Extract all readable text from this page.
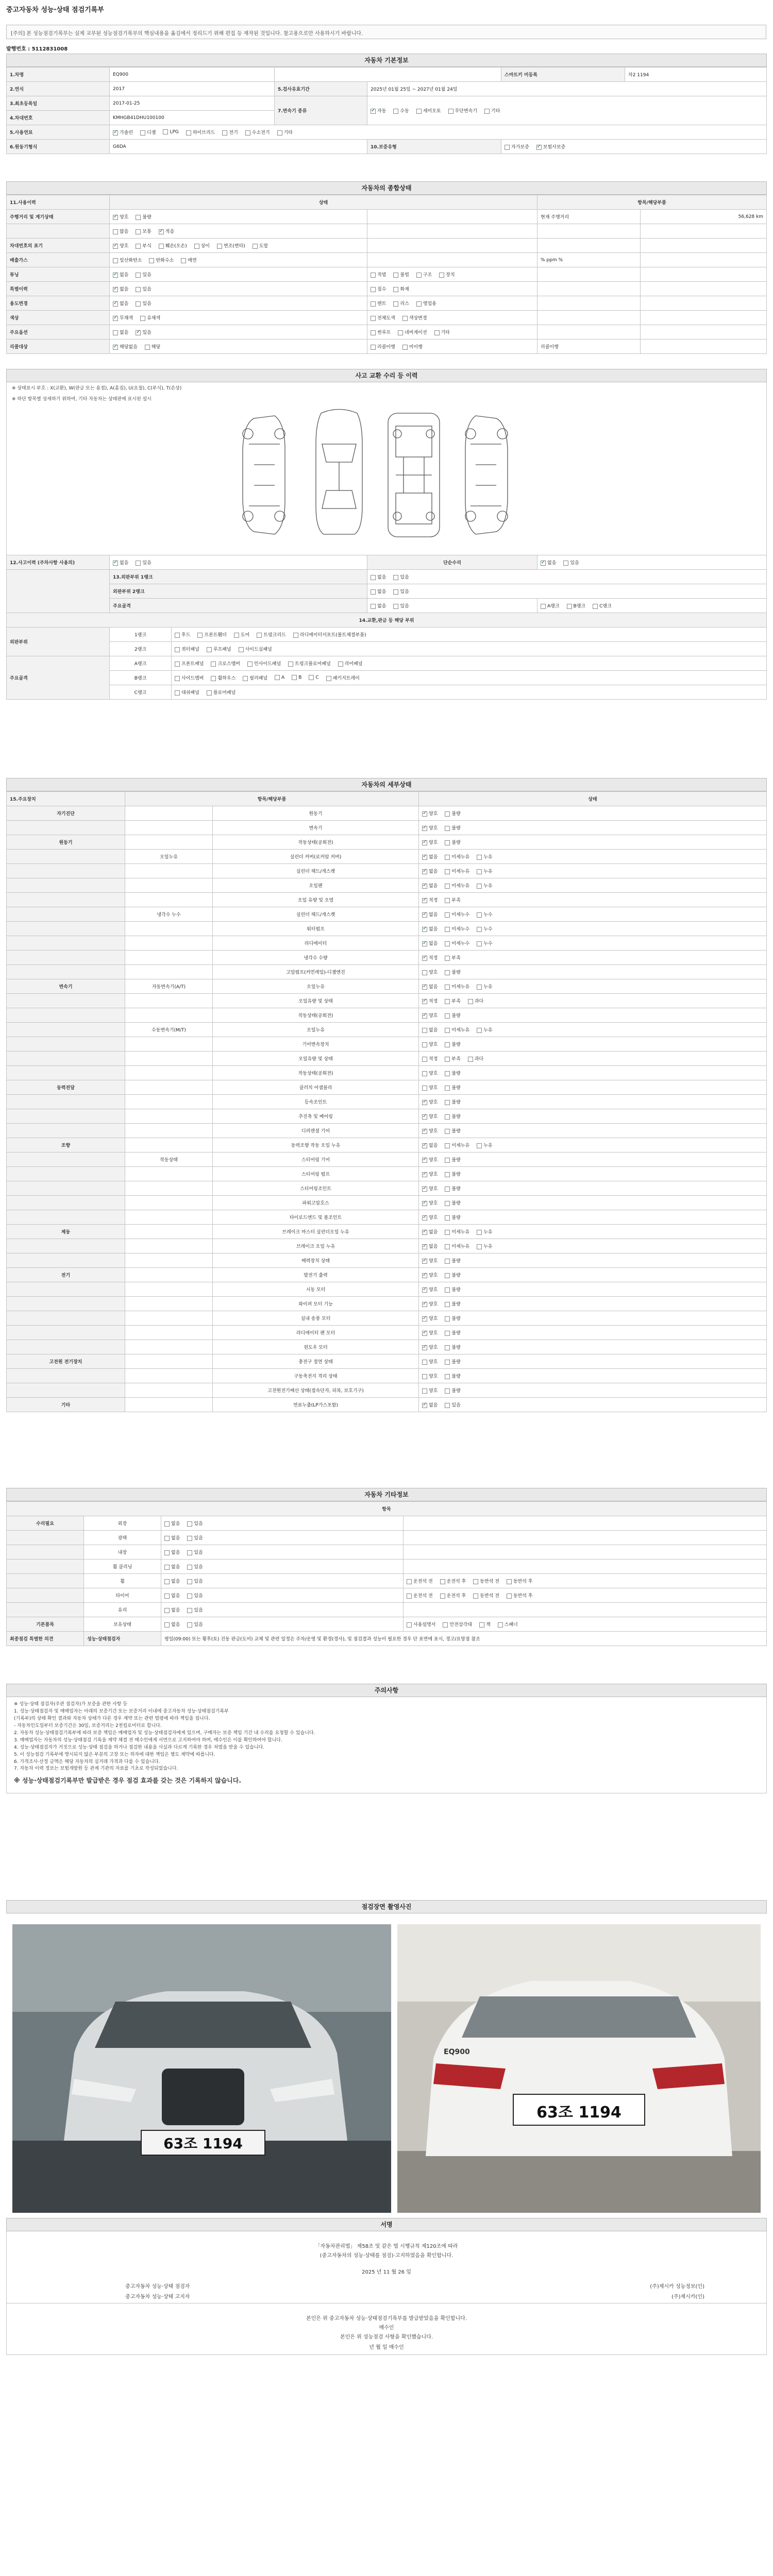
중고자동차 성능·상태 점검기록부
[주의] 본 성능점검기록부는 실제 교부된 성능점검기록부의 핵심내용을 옮김에서 정리드기 위해 편집 등 재작된 것입니다. 참고용으로만 사용하시기 바랍니다.
발행번호 : 5112831008
자동차 기본정보
1.차명	EQ900			스마트키 미등록	차2 1194
2.연식	2017	5.검사유효기간	2025년 01월 25일 ~ 2027년 01월 24일		
3.최초등록일	2017-01-25	7.변속기 종류	✓자동 수동 세미오토 무단변속기 기타
4.차대번호	KMHGB41DHU100100				
5.사용연료	✓가솔린 디젤 LPG 하이브리드 전기 수소전기 기타
6.원동기형식	G6DA		10.보증유형	자가보증 ✓ 보험사보증
자동차의 종합상태
11.사용이력	상태		항목/해당부품	
주행거리 및 계기상태	✓양호 불량		현재 주행거리	56,628 km
	많음 보통 ✓ 적음			
차대번호의 표기	✓양호 부식 훼손(오손) 상이 변조(변타) 도말			
배출가스	일산화탄소 탄화수소 매연		% ppm %	
튜닝	✓없음 있음	적법 불법 구조 장치		
특별이력	✓없음 있음	침수 화재		
용도변경	✓없음 있음	렌트 리스 영업용		
색상	✓무채색 유채색	전체도색 색상변경		
주요옵션	없음 ✓ 있음	썬루프 네비게이션 기타		
리콜대상	✓해당없음 해당	리콜이행 미이행	리콜이행	
사고 교환 수리 등 이력
※ 상태표시 부호 : X(교환), W(판금 또는 용접), A(흠집), U(요철), C(부식), T(손상)
※ 하단 항목별 상세하기 위하여, 기타 자동차는 상태판에 표시된 설시
12.사고이력 (주차사항 사용의)	✓없음 있음		단순수리	✓없음 있음
	13.외판부위 1랭크		없음 있음	
	외판부위 2랭크		없음 있음	
	주요골격		없음 있음	A랭크 B랭크 C랭크
14.교환,판금 등 해당 부위				
외판부위	1랭크	후드 프론트휀더 도어 트렁크리드 라디에이터서포트(볼트체결부품)		
	2랭크	쿼터패널 루프패널 사이드실패널		
주요골격	A랭크	프론트패널 크로스멤버 인사이드패널 트렁크플로어패널 리어패널		
	B랭크	사이드멤버 휠하우스 필러패널 A B C 패키지트레이		
	C랭크	대쉬패널 플로어패널		
자동차의 세부상태
15.주요장치	항목/해당부품		상태
자기진단		원동기	✓양호 불량
		변속기	✓양호 불량
원동기		작동상태(공회전)	✓양호 불량
	오일누유	실린더 커버(로커암 커버)	✓없음 미세누유 누유
		실린더 헤드/개스켓	✓없음 미세누유 누유
		오일팬	✓없음 미세누유 누유
		오일 유량 및 오염	✓적정 부족
	냉각수 누수	실린더 헤드/개스켓	✓없음 미세누수 누수
		워터펌프	✓없음 미세누수 누수
		라디에이터	✓없음 미세누수 누수
		냉각수 수량	✓적정 부족
		고압펌프(커먼레일)-디젤엔진	양호 불량
변속기	자동변속기(A/T)	오일누유	✓없음 미세누유 누유
		오일유량 및 상태	✓적정 부족 과다
		작동상태(공회전)	✓양호 불량
	수동변속기(M/T)	오일누유	없음 미세누유 누유
		기어변속장치	양호 불량
		오일유량 및 상태	적정 부족 과다
		작동상태(공회전)	양호 불량
동력전달		클러치 어셈블리	양호 불량
		등속조인트	✓양호 불량
		추진축 및 베어링	✓양호 불량
		디퍼렌셜 기어	✓양호 불량
조향		동력조향 작동 오일 누유	✓없음 미세누유 누유
	작동상태	스티어링 기어	✓양호 불량
		스티어링 펌프	✓양호 불량
		스티어링조인트	✓양호 불량
		파워고압호스	✓양호 불량
		타이로드엔드 및 볼조인트	✓양호 불량
제동		브레이크 마스터 실린더오일 누유	✓없음 미세누유 누유
		브레이크 오일 누유	✓없음 미세누유 누유
		배력장치 상태	✓양호 불량
전기		발전기 출력	✓양호 불량
		시동 모터	✓양호 불량
		와이퍼 모터 기능	✓양호 불량
		실내 송풍 모터	✓양호 불량
		라디에이터 팬 모터	✓양호 불량
		윈도우 모터	✓양호 불량
고전원 전기장치		충전구 절연 상태	양호 불량
		구동축전지 격리 상태	양호 불량
		고전원전기배선 상태(접속단자, 피복, 보호기구)	양호 불량
기타		연료누출(LP가스포함)	✓없음 있음
자동차 기타정보
항목			
수리필요	외장	없음 있음	
	광택	없음 있음	
	내장	없음 있음	
	휠 클리닝	없음 있음	
	휠	없음 있음	운전석 전 운전석 후 동반석 전 동반석 후
	타이어	없음 있음	운전석 전 운전석 후 동반석 전 동반석 후
	유리	없음 있음	
기본품목	보유상태	없음 있음	사용설명서 안전삼각대 잭 스패너
최종점검 특별한 의견	성능·상태점검자	평일(09:00) 또는 황후(토) 진동 판금(도어) 교체 및 관련 일정은 주차/운영 및 환경(경사), 및 점검결과 성능이 필요한 경우 단 표면에 표시, 경고/요망점 참조	
주의사항
※ 성능·상태 점검자(주관 점검자)가 보증을 관한 사항 등
1. 성능·상태점검자 및 매매업자는 아래의 보증기간 또는 보증거리 이내에 중고자동차 성능·상태점검기록부
(기록부)의 상태 확인 결과와 자동차 상태가 다른 경우 계약 또는 관련 법령에 따라 책임을 집니다.
- 자동차인도일부터 보증기간은 30일, 보증거리는 2천킬로미터로 합니다.
2. 자동차 성능·상태점검기록부에 따라 보증 책임은 매매업자 및 성능·상태점검자에게 있으며, 구매자는 보증 책임 기간 내 수리를 요청할 수 있습니다.
3. 매매업자는 자동차의 성능·상태점검 기록을 계약 체결 전 매수인에게 서면으로 고지하여야 하며, 매수인은 이를 확인하여야 합니다.
4. 성능·상태점검자가 거짓으로 성능·상태 점검을 하거나 점검한 내용을 사실과 다르게 기록한 경우 처벌을 받을 수 있습니다.
5. 이 성능점검 기록부에 명시되지 않은 부분의 고장 또는 하자에 대한 책임은 별도 계약에 따릅니다.
6. 가격조사·산정 금액은 해당 자동차의 실거래 가격과 다를 수 있습니다.
7. 자동차 이력 정보는 보험개발원 등 관계 기관의 자료를 기초로 작성되었습니다.
※ 성능·상태점검기록부만 발급받은 경우 점검 효과를 갖는 것은 기록하지 않습니다.
점검장면 촬영사진
63조 1194
63조 1194
EQ900
서명
「자동차관리법」 제58조 및 같은 법 시행규칙 제120조에 따라
(중고자동차의 성능·상태를 점검)·고지하였음을 확인합니다.
2025 년 11 월 26 일
중고자동차 성능·상태 점검자	(주)제시카 성능정보(인)
중고자동차 성능·상태 고지자	(주)제시카(인)
본인은 위 중고자동차 성능·상태점검기록부를 발급받았음을 확인합니다.
매수인
본인은 위 성능점검 사항을 확인했습니다.
년 월 일 매수인
